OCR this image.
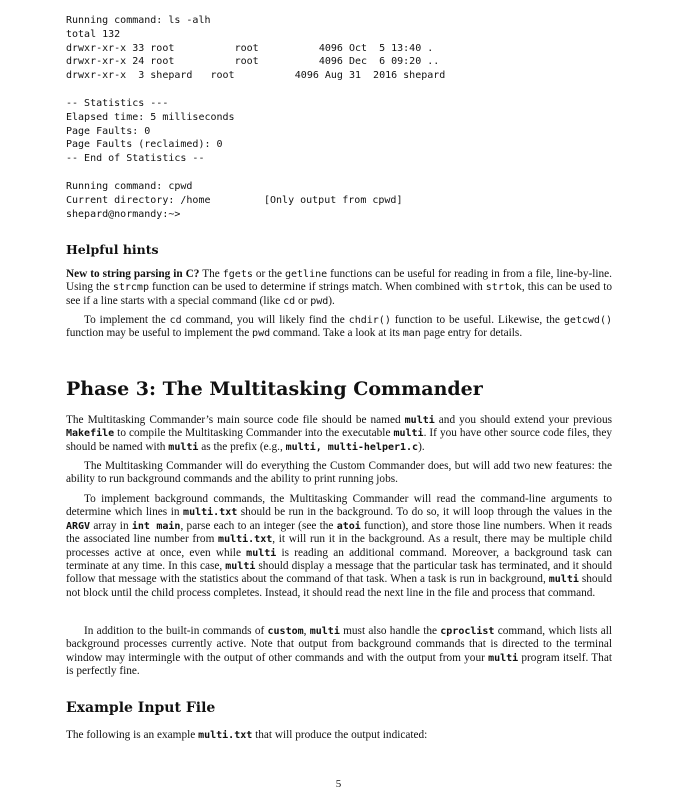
Running command: ls -alh
total 132
drwxr-xr-x 33 root          root          4096 Oct  5 13:40 .
drwxr-xr-x 24 root          root          4096 Dec  6 09:20 ..
drwxr-xr-x  3 shepard   root          4096 Aug 31  2016 shepard
-- Statistics ---
Elapsed time: 5 milliseconds
Page Faults: 0
Page Faults (reclaimed): 0
-- End of Statistics --
Running command: cpwd
Current directory: /home
shepard@normandy:~>
[Only output from cpwd]
Helpful hints
New to string parsing in C? The fgets or the getline functions can be useful for reading in from a file, line-by-line. Using the strcmp function can be used to determine if strings match. When combined with strtok, this can be used to see if a line starts with a special command (like cd or pwd).
To implement the cd command, you will likely find the chdir() function to be useful. Likewise, the getcwd() function may be useful to implement the pwd command. Take a look at its man page entry for details.
Phase 3: The Multitasking Commander
The Multitasking Commander’s main source code file should be named multi and you should extend your previous Makefile to compile the Multitasking Commander into the executable multi. If you have other source code files, they should be named with multi as the prefix (e.g., multi, multi-helper1.c).
The Multitasking Commander will do everything the Custom Commander does, but will add two new features: the ability to run background commands and the ability to print running jobs.
To implement background commands, the Multitasking Commander will read the command-line arguments to determine which lines in multi.txt should be run in the background. To do so, it will loop through the values in the ARGV array in int main, parse each to an integer (see the atoi function), and store those line numbers. When it reads the associated line number from multi.txt, it will run it in the background. As a result, there may be multiple child processes active at once, even while multi is reading an additional command. Moreover, a background task can terminate at any time. In this case, multi should display a message that the particular task has terminated, and it should follow that message with the statistics about the command of that task. When a task is run in background, multi should not block until the child process completes. Instead, it should read the next line in the file and process that command.
In addition to the built-in commands of custom, multi must also handle the cproclist command, which lists all background processes currently active. Note that output from background commands that is directed to the terminal window may intermingle with the output of other commands and with the output from your multi program itself. That is perfectly fine.
Example Input File
The following is an example multi.txt that will produce the output indicated:
5
